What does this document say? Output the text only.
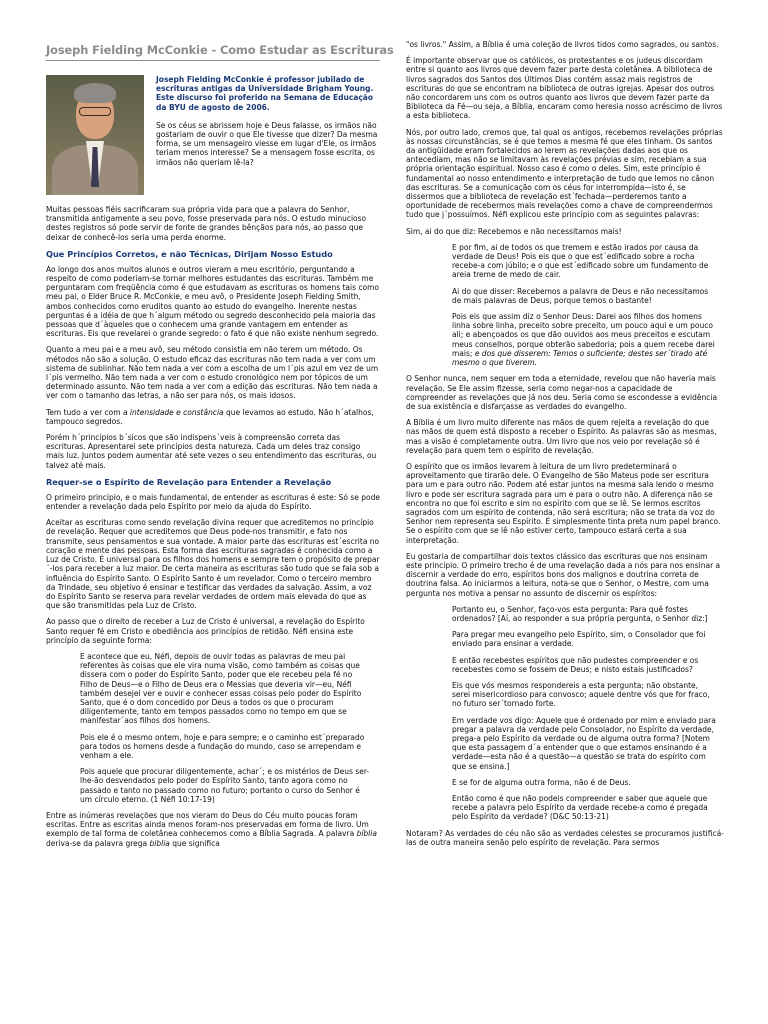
Joseph Fielding McConkie - Como Estudar as Escrituras

Joseph Fielding McConkie é professor jubilado de escrituras antigas da Universidade Brigham Young. Este discurso foi proferido na Semana de Educação da BYU de agosto de 2006.

Se os céus se abrissem hoje e Deus falasse, os irmãos não gostariam de ouvir o que Ele tivesse que dizer? Da mesma forma, se um mensageiro viesse em lugar d'Ele, os irmãos teriam menos interesse? Se a mensagem fosse escrita, os irmãos não queriam lê-la?

Muitas pessoas fiéis sacrificaram sua própria vida para que a palavra do Senhor, transmitida antigamente a seu povo, fosse preservada para nós. O estudo minucioso destes registros só pode servir de fonte de grandes bênçãos para nós, ao passo que deixar de conhecê-los seria uma perda enorme.

Que Princípios Corretos, e não Técnicas, Dirijam Nosso Estudo

Ao longo dos anos muitos alunos e outros vieram a meu escritório, perguntando a respeito de como poderiam-se tornar melhores estudantes das escrituras. Também me perguntaram com freqüência como é que estudavam as escrituras os homens tais como meu pai, o Elder Bruce R. McConkie, e meu avô, o Presidente Joseph Fielding Smith, ambos conhecidos como eruditos quanto ao estudo do evangelho. Inerente nestas perguntas é a idéia de que h´algum método ou segredo desconhecido pela maioria das pessoas que d´àqueles que o conhecem uma grande vantagem em entender as escrituras. Eis que revelarei o grande segredo: o fato é que não existe nenhum segredo.

Quanto a meu pai e a meu avô, seu método consistia em não terem um método. Os métodos não são a solução. O estudo eficaz das escrituras não tem nada a ver com um sistema de sublinhar. Não tem nada a ver com a escolha de um l´pis azul em vez de um l´pis vermelho. Não tem nada a ver com o estudo cronológico nem por tópicos de um determinado assunto. Não tem nada a ver com a edição das escrituras. Não tem nada a ver com o tamanho das letras, a não ser para nós, os mais idosos.

Tem tudo a ver com a intensidade e constância que levamos ao estudo. Não h´atalhos, tampouco segredos.

Porém h´princípios b´sicos que são indispens´veis à compreensão correta das escrituras. Apresentarei sete princípios desta natureza. Cada um deles traz consigo mais luz. Juntos podem aumentar até sete vezes o seu entendimento das escrituras, ou talvez até mais.

Requer-se o Espírito de Revelação para Entender a Revelação

O primeiro princípio, e o mais fundamental, de entender as escrituras é este: Só se pode entender a revelação dada pelo Espírito por meio da ajuda do Espírito.

Aceitar as escrituras como sendo revelação divina requer que acreditemos no princípio de revelação. Requer que acreditemos que Deus pode-nos transmitir, e fato nos transmite, seus pensamentos e sua vontade. A maior parte das escrituras est´escrita no coração e mente das pessoas. Esta forma das escrituras sagradas é conhecida como a Luz de Cristo. É universal para os filhos dos homens e sempre tem o propósito de prepar´-los para receber a luz maior. De certa maneira as escrituras são tudo que se fala sob a influência do Espírito Santo. O Espírito Santo é um revelador. Como o terceiro membro da Trindade, seu objetivo é ensinar e testificar das verdades da salvação. Assim, a voz do Espírito Santo se reserva para revelar verdades de ordem mais elevada do que as que são transmitidas pela Luz de Cristo.

Ao passo que o direito de receber a Luz de Cristo é universal, a revelação do Espírito Santo requer fé em Cristo e obediência aos princípios de retidão. Néfi ensina este princípio da seguinte forma:

E acontece que eu, Néfi, depois de ouvir todas as palavras de meu pai referentes às coisas que ele vira numa visão, como também as coisas que dissera com o poder do Espírito Santo, poder que ele recebeu pela fé no Filho de Deus—e o Filho de Deus era o Messias que deveria vir—eu, Néfi também desejei ver e ouvir e conhecer essas coisas pelo poder do Espírito Santo, que é o dom concedido por Deus a todos os que o procuram diligentemente, tanto em tempos passados como no tempo em que se manifestar´aos filhos dos homens.

Pois ele é o mesmo ontem, hoje e para sempre; e o caminho est´preparado para todos os homens desde a fundação do mundo, caso se arrependam e venham a ele.

Pois aquele que procurar diligentemente, achar´; e os mistérios de Deus ser-lhe-ão desvendados pelo poder do Espírito Santo, tanto agora como no passado e tanto no passado como no futuro; portanto o curso do Senhor é um círculo eterno. (1 Néfi 10:17-19)

Entre as inúmeras revelações que nos vieram do Deus do Céu muito poucas foram escritas. Entre as escritas ainda menos foram-nos preservadas em forma de livro. Um exemplo de tal forma de coletânea conhecemos como a Bíblia Sagrada. A palavra bíblia deriva-se da palavra grega biblia que significa

"os livros." Assim, a Bíblia é uma coleção de livros tidos como sagrados, ou santos.

É importante observar que os católicos, os protestantes e os judeus discordam entre si quanto aos livros que devem fazer parte desta coletânea. A biblioteca de livros sagrados dos Santos dos Últimos Dias contém assaz mais registros de escrituras do que se encontram na biblioteca de outras igrejas. Apesar dos outros não concordarem uns com os outros quanto aos livros que devem fazer parte da Biblioteca da Fé—ou seja, a Bíblia, encaram como heresia nosso acréscimo de livros a esta biblioteca.

Nós, por outro lado, cremos que, tal qual os antigos, recebemos revelações próprias às nossas circunstâncias, se é que temos a mesma fé que eles tinham. Os santos da antigüidade eram fortalecidos ao lerem as revelações dadas aos que os antecediam, mas não se limitavam às revelações prévias e sim, recebiam a sua própria orientação espiritual. Nosso caso é como o deles. Sim, este princípio é fundamental ao nosso entendimento e interpretação de tudo que lemos no cânon das escrituras. Se a comunicação com os céus for interrompida—isto é, se dissermos que a biblioteca de revelação est´fechada—perderemos tanto a oportunidade de recebermos mais revelações como a chave de compreendermos tudo que j´possuímos. Néfi explicou este princípio com as seguintes palavras:

Sim, ai do que diz: Recebemos e não necessitamos mais!

E por fim, ai de todos os que tremem e estão irados por causa da verdade de Deus! Pois eis que o que est´edificado sobre a rocha recebe-a com júbilo; e o que est´edificado sobre um fundamento de areia treme de medo de cair.

Ai do que disser: Recebemos a palavra de Deus e não necessitamos de mais palavras de Deus, porque temos o bastante!

Pois eis que assim diz o Senhor Deus: Darei aos filhos dos homens linha sobre linha, preceito sobre preceito, um pouco aqui e um pouco ali; e abençoados os que dão ouvidos aos meus preceitos e escutam meus conselhos, porque obterão sabedoria; pois a quem recebe darei mais; e dos que disserem: Temos o suficiente; destes ser´tirado até mesmo o que tiverem.

O Senhor nunca, nem sequer em toda a eternidade, revelou que não haveria mais revelação. Se Ele assim fizesse, seria como negar-nos a capacidade de compreender as revelações que já nos deu. Seria como se escondesse a evidência de sua existência e disfarçasse as verdades do evangelho.

A Bíblia é um livro muito diferente nas mãos de quem rejeita a revelação do que nas mãos de quem está disposto a receber o Espírito. As palavras são as mesmas, mas a visão é completamente outra. Um livro que nos veio por revelação só é revelação para quem tem o espírito de revelação.

O espírito que os irmãos levarem à leitura de um livro predeterminará o aproveitamento que tirarão dele. O Evangelho de São Mateus pode ser escritura para um e para outro não. Podem até estar juntos na mesma sala lendo o mesmo livro e pode ser escritura sagrada para um e para o outro não. A diferença não se encontra no que foi escrito e sim no espírito com que se lê. Se lermos escritos sagrados com um espírito de contenda, não será escritura; não se trata da voz do Senhor nem representa seu Espírito. É simplesmente tinta preta num papel branco. Se o espírito com que se lê não estiver certo, tampouco estará certa a sua interpretação.

Eu gostaria de compartilhar dois textos clássico das escrituras que nos ensinam este princípio. O primeiro trecho é de uma revelação dada a nós para nos ensinar a discernir a verdade do erro, espíritos bons dos malignos e doutrina correta de doutrina falsa. Ao iniciarmos a leitura, nota-se que o Senhor, o Mestre, com uma pergunta nos motiva a pensar no assunto de discernir os espíritos:

Portanto eu, o Senhor, faço-vos esta pergunta: Para quê fostes ordenados? [Aí, ao responder a sua própria pergunta, o Senhor diz:]

Para pregar meu evangelho pelo Espírito, sim, o Consolador que foi enviado para ensinar a verdade.

E então recebestes espíritos que não pudestes compreender e os recebestes como se fossem de Deus; e nisto estais justificados?

Eis que vós mesmos respondereis a esta pergunta; não obstante, serei misericordioso para convosco; aquele dentre vós que for fraco, no futuro ser´tornado forte.

Em verdade vos digo: Aquele que é ordenado por mim e enviado para pregar a palavra da verdade pelo Consolador, no Espírito da verdade, prega-a pelo Espírito da verdade ou de alguma outra forma? [Notem que esta passagem d´a entender que o que estamos ensinando é a verdade—esta não é a questão—a questão se trata do espírito com que se ensina.]

E se for de alguma outra forma, não é de Deus.

Então como é que não podeis compreender e saber que aquele que recebe a palavra pelo Espírito da verdade recebe-a como é pregada pelo Espírito da verdade? (D&C 50:13-21)

Notaram? As verdades do céu não são as verdades celestes se procuramos justificá-las de outra maneira senão pelo espírito de revelação. Para sermos
